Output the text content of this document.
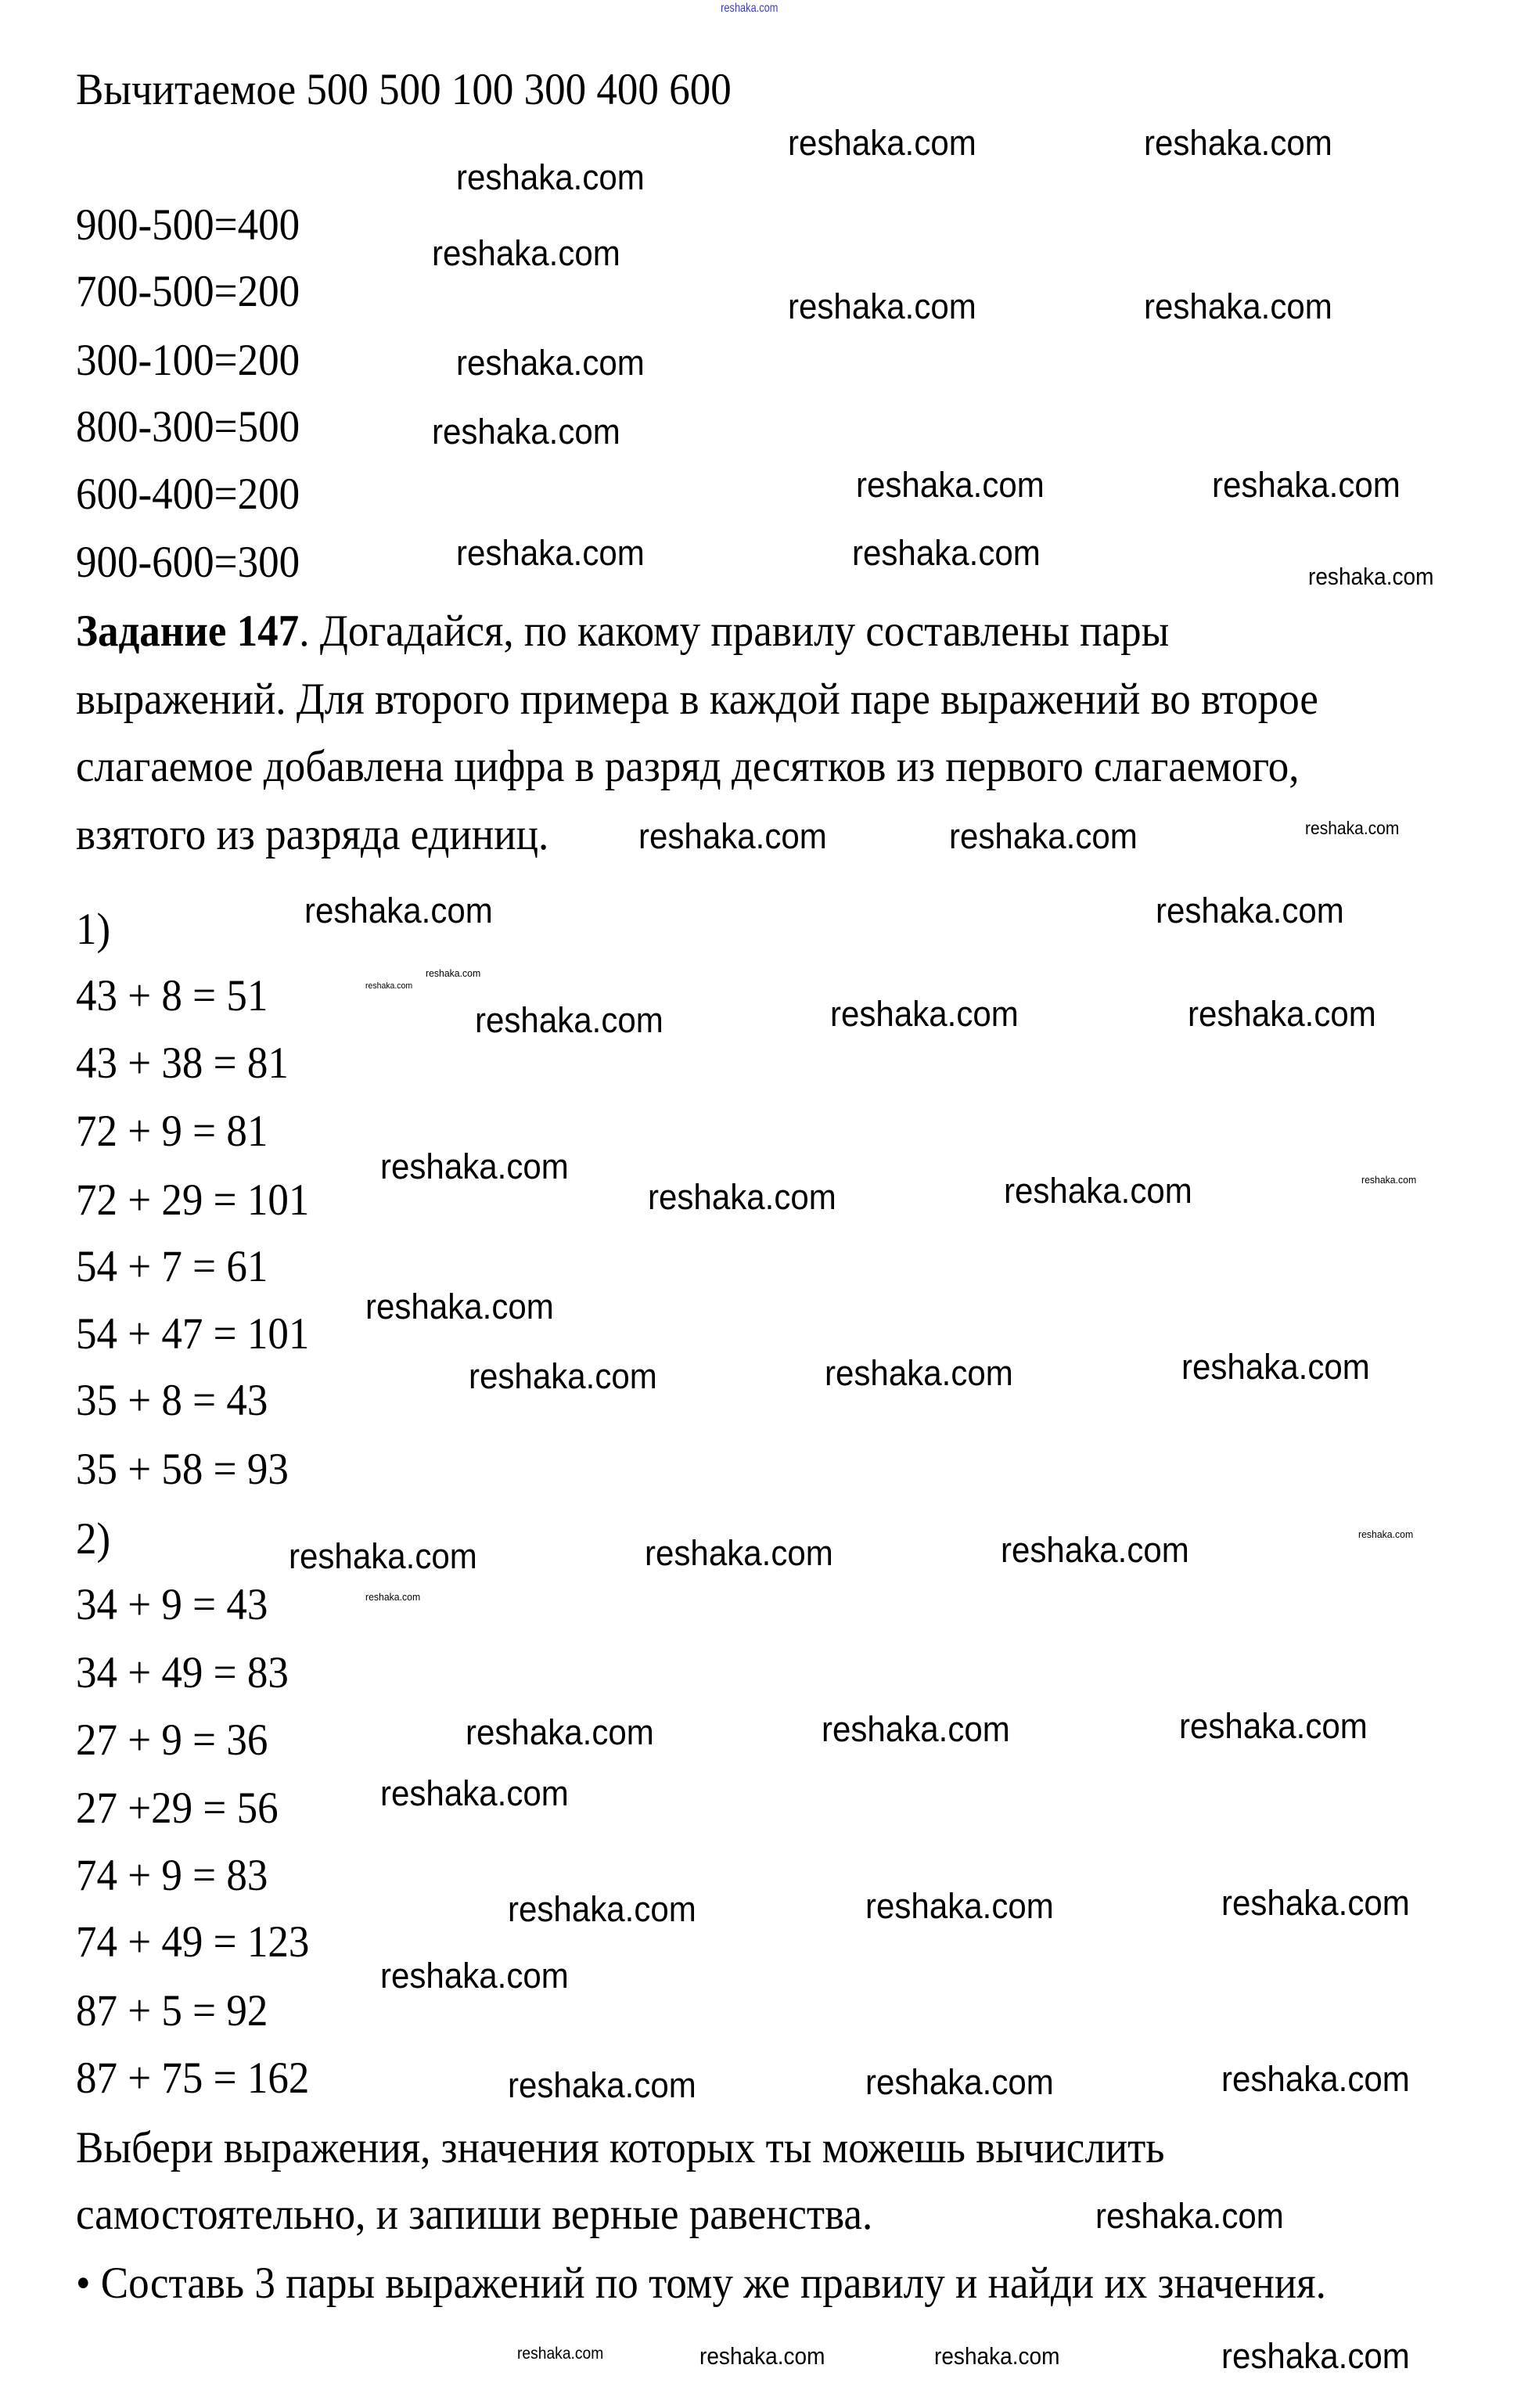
reshaka.com
Вычитаемое 500 500 100 300 400 600
900-500=400
700-500=200
300-100=200
800-300=500
600-400=200
900-600=300
Задание 147. Догадайся, по какому правилу составлены пары
выражений. Для второго примера в каждой паре выражений во второе
слагаемое добавлена цифра в разряд десятков из первого слагаемого,
взятого из разряда единиц.
1)
43 + 8 = 51
43 + 38 = 81
72 + 9 = 81
72 + 29 = 101
54 + 7 = 61
54 + 47 = 101
35 + 8 = 43
35 + 58 = 93
2)
34 + 9 = 43
34 + 49 = 83
27 + 9 = 36
27 +29 = 56
74 + 9 = 83
74 + 49 = 123
87 + 5 = 92
87 + 75 = 162
Выбери выражения, значения которых ты можешь вычислить
самостоятельно, и запиши верные равенства.
• Составь 3 пары выражений по тому же правилу и найди их значения.
reshaka.com	reshaka.com
reshaka.com
reshaka.com
reshaka.com	reshaka.com
reshaka.com
reshaka.com
reshaka.com	reshaka.com
reshaka.com	reshaka.com
reshaka.com
reshaka.com
reshaka.com
reshaka.com
reshaka.com	reshaka.com
reshaka.com
reshaka.com
reshaka.com	reshaka.com	reshaka.com
reshaka.com
reshaka.com	reshaka.com	reshaka.com
reshaka.com
reshaka.com	reshaka.com	reshaka.com
reshaka.com	reshaka.com	reshaka.com	reshaka.com
reshaka.com
reshaka.com	reshaka.com	reshaka.com
reshaka.com
reshaka.com	reshaka.com	reshaka.com
reshaka.com
reshaka.com	reshaka.com	reshaka.com
reshaka.com
reshaka.com	reshaka.com	reshaka.com	reshaka.com
